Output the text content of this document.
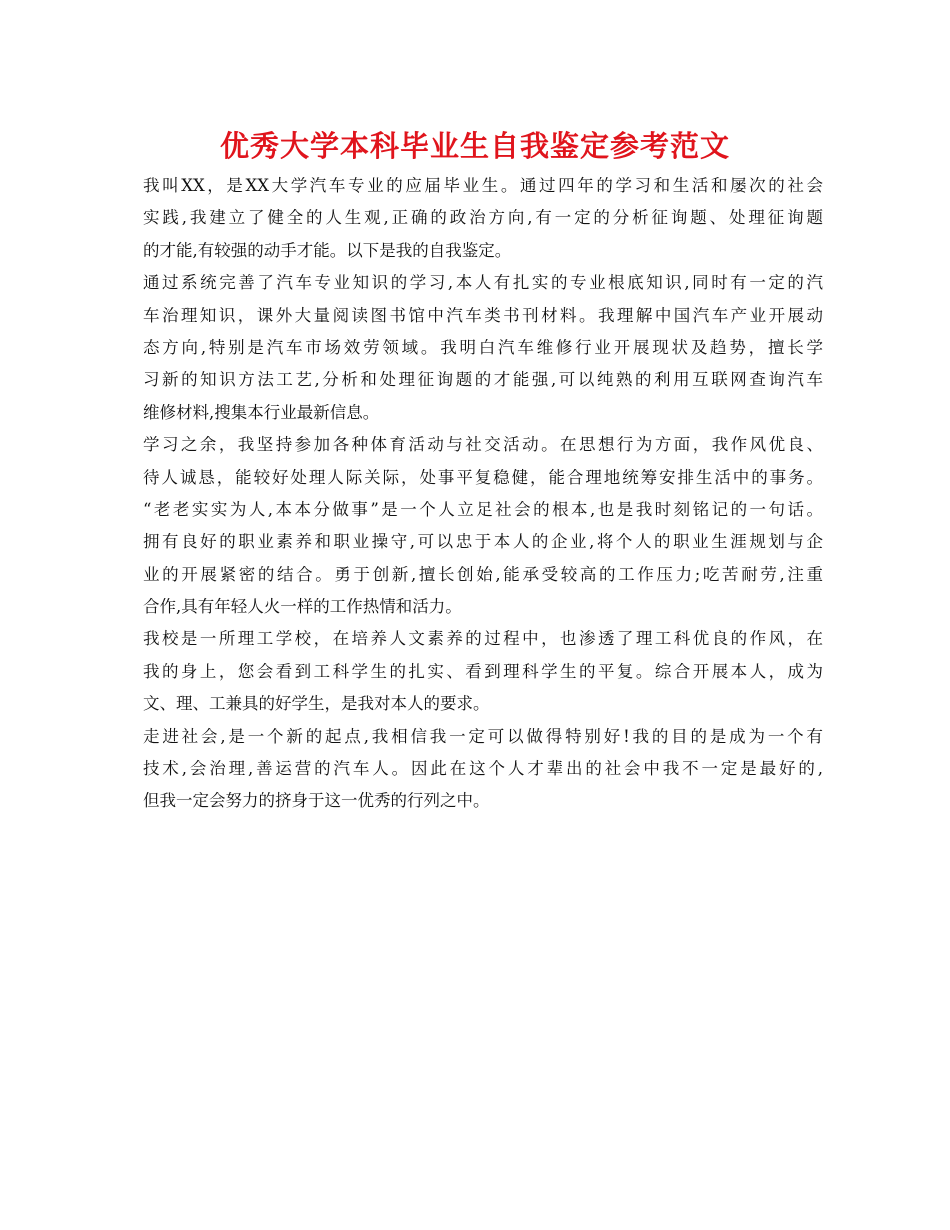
优秀大学本科毕业生自我鉴定参考范文
我叫XX，是XX大学汽车专业的应届毕业生。通过四年的学习和生活和屡次的社会
实践,我建立了健全的人生观,正确的政治方向,有一定的分析征询题、处理征询题
的才能,有较强的动手才能。以下是我的自我鉴定。
通过系统完善了汽车专业知识的学习,本人有扎实的专业根底知识,同时有一定的汽
车治理知识，课外大量阅读图书馆中汽车类书刊材料。我理解中国汽车产业开展动
态方向,特别是汽车市场效劳领域。我明白汽车维修行业开展现状及趋势，擅长学
习新的知识方法工艺,分析和处理征询题的才能强,可以纯熟的利用互联网查询汽车
维修材料,搜集本行业最新信息。
学习之余，我坚持参加各种体育活动与社交活动。在思想行为方面，我作风优良、
待人诚恳，能较好处理人际关际，处事平复稳健，能合理地统筹安排生活中的事务。
“老老实实为人,本本分做事”是一个人立足社会的根本,也是我时刻铭记的一句话。
拥有良好的职业素养和职业操守,可以忠于本人的企业,将个人的职业生涯规划与企
业的开展紧密的结合。勇于创新,擅长创始,能承受较高的工作压力;吃苦耐劳,注重
合作,具有年轻人火一样的工作热情和活力。
我校是一所理工学校，在培养人文素养的过程中，也渗透了理工科优良的作风，在
我的身上，您会看到工科学生的扎实、看到理科学生的平复。综合开展本人，成为
文、理、工兼具的好学生，是我对本人的要求。
走进社会,是一个新的起点,我相信我一定可以做得特别好!我的目的是成为一个有
技术,会治理,善运营的汽车人。因此在这个人才辈出的社会中我不一定是最好的,
但我一定会努力的挤身于这一优秀的行列之中。
